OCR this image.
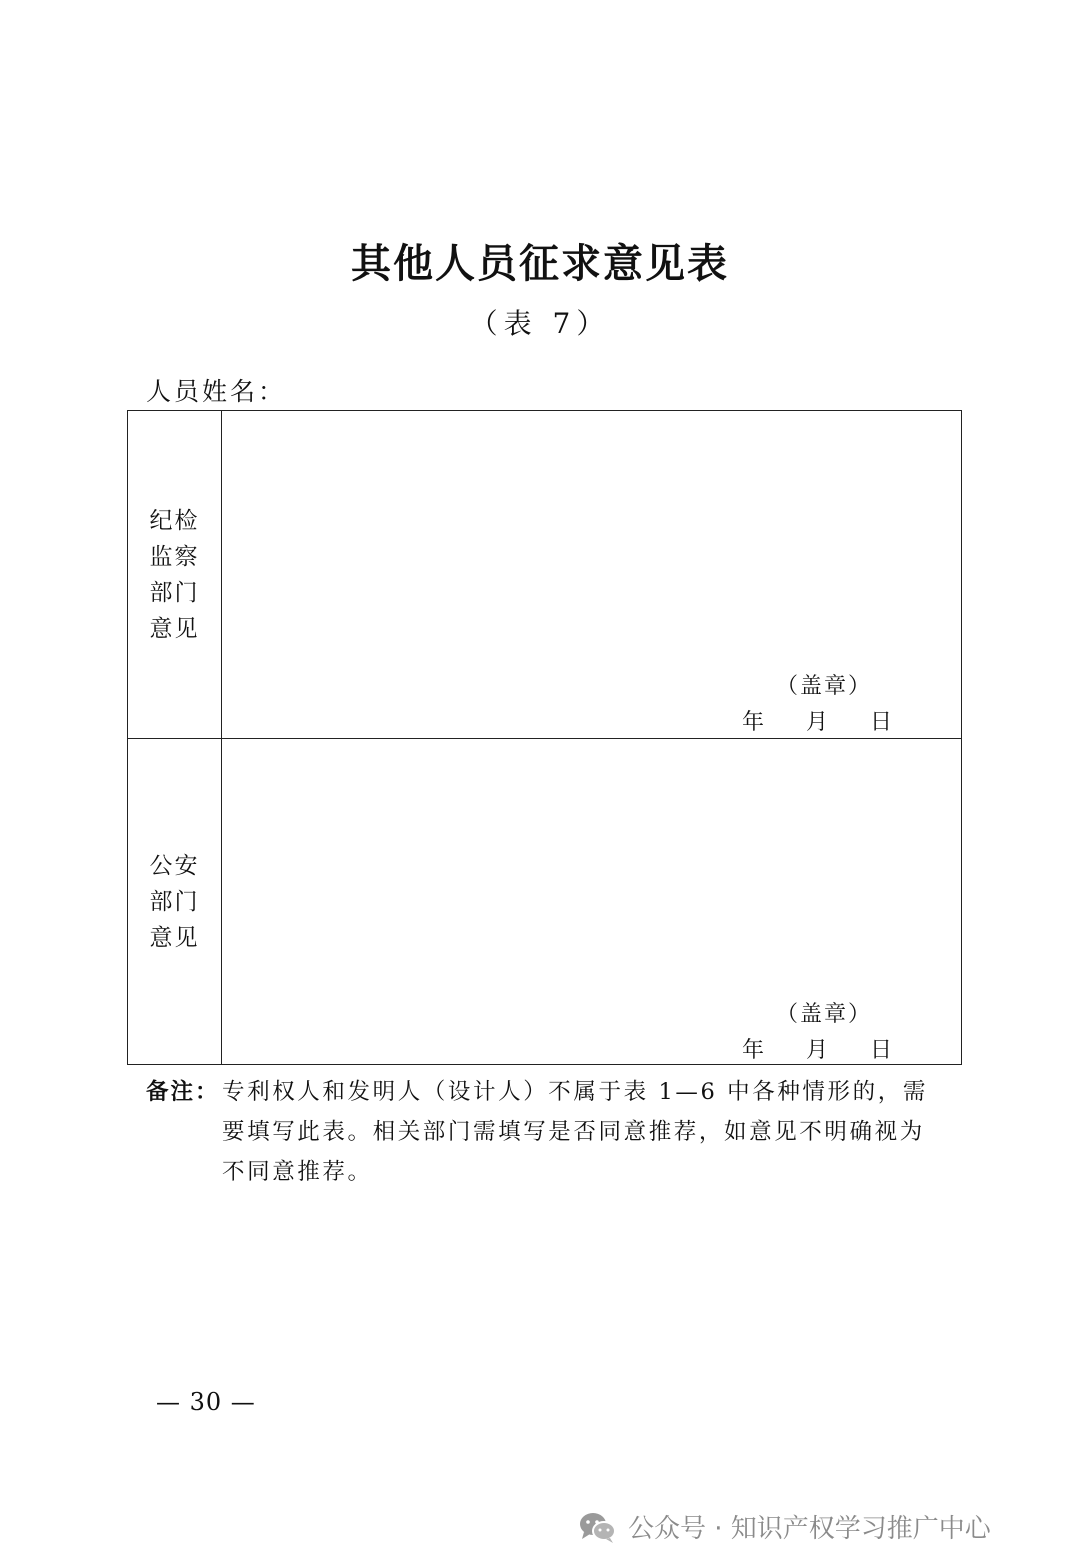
其他人员征求意见表
（表 7）
人员姓名：
纪检监察部门意见
（盖章）
年	月	日
公安部门意见
（盖章）
年	月	日
备注： 专利权人和发明人（设计人）不属于表 1—6 中各种情形的，需要填写此表。相关部门需填写是否同意推荐，如意见不明确视为不同意推荐。
— 30 —
公众号 · 知识产权学习推广中心
